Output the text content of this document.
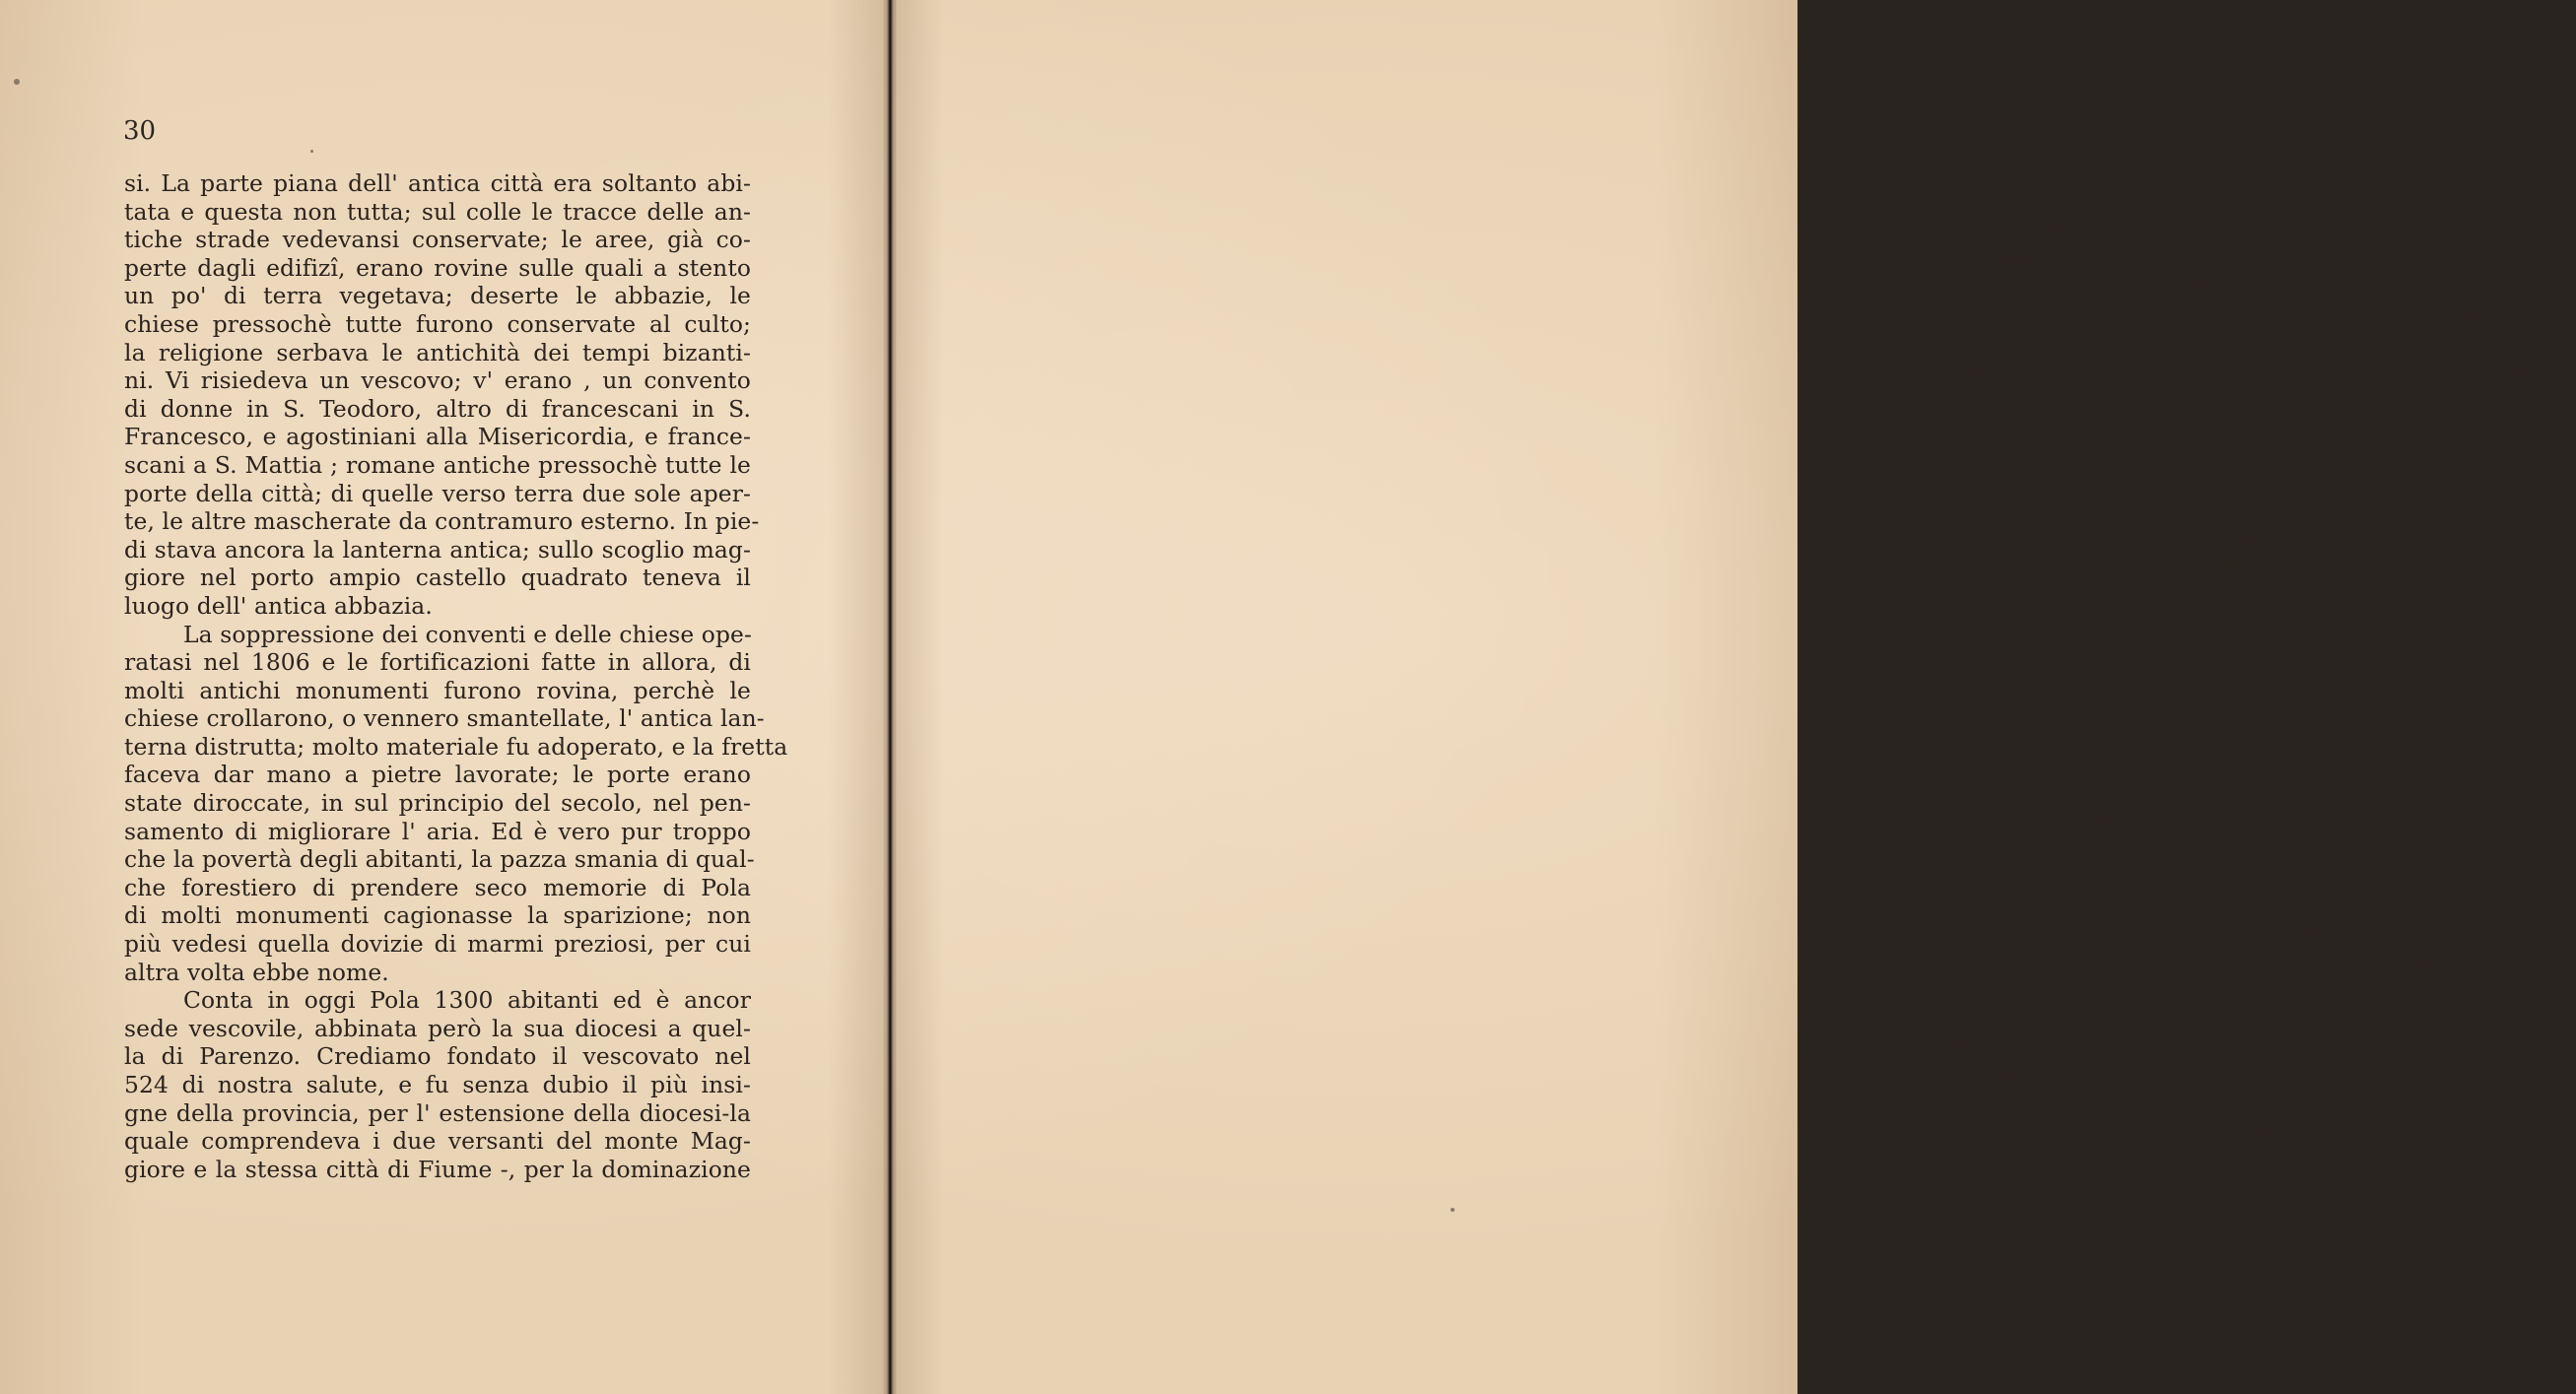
30
si. La parte piana dell' antica città era soltanto abi-
tata e questa non tutta; sul colle le tracce delle an-
tiche strade vedevansi conservate; le aree, già co-
perte dagli edifizî, erano rovine sulle quali a stento
un po' di terra vegetava; deserte le abbazie, le
chiese pressochè tutte furono conservate al culto;
la religione serbava le antichità dei tempi bizanti-
ni. Vi risiedeva un vescovo; v' erano , un convento
di donne in S. Teodoro, altro di francescani in S.
Francesco, e agostiniani alla Misericordia, e france-
scani a S. Mattia ; romane antiche pressochè tutte le
porte della città; di quelle verso terra due sole aper-
te, le altre mascherate da contramuro esterno. In pie-
di stava ancora la lanterna antica; sullo scoglio mag-
giore nel porto ampio castello quadrato teneva il
luogo dell' antica abbazia.
La soppressione dei conventi e delle chiese ope-
ratasi nel 1806 e le fortificazioni fatte in allora, di
molti antichi monumenti furono rovina, perchè le
chiese crollarono, o vennero smantellate, l' antica lan-
terna distrutta; molto materiale fu adoperato, e la fretta
faceva dar mano a pietre lavorate; le porte erano
state diroccate, in sul principio del secolo, nel pen-
samento di migliorare l' aria. Ed è vero pur troppo
che la povertà degli abitanti, la pazza smania di qual-
che forestiero di prendere seco memorie di Pola
di molti monumenti cagionasse la sparizione; non
più vedesi quella dovizie di marmi preziosi, per cui
altra volta ebbe nome.
Conta in oggi Pola 1300 abitanti ed è ancor
sede vescovile, abbinata però la sua diocesi a quel-
la di Parenzo. Crediamo fondato il vescovato nel
524 di nostra salute, e fu senza dubio il più insi-
gne della provincia, per l' estensione della diocesi-la
quale comprendeva i due versanti del monte Mag-
giore e la stessa città di Fiume -, per la dominazione
31
temporale ch' esercitava su gran parte di quella,
per la qualità delle abbazie e dei capitoli, per la co-
pia del clero, per la sontuosità degli edifizî sacri.
Allorquando nei tempi addietro nuovo vescovo pren-
deva possesso della sede, la città di Fiume mandava
in omaggio un cavallo, uno smeriglione, due cani bian-
chi ; Castua in occasione di visita offriva ottanta braccia
di tela, sessanta Moschenizze. Nel secolo XIII, quan-
do Pola ancor tenevasi città di qualche conto, il
suo vescovo circondavano l' opulente abbate di S.
Maria e di S. Andrea dell' ordine cassinense, quel-
lo di San Michele dell' ordine camaldolense, quello
dell' isola dei Brioni, il commendatore dei templari,
l' abbate di Barbana, l' abbate di S. Giacomo di Ro-
sacis, e tanti altri di cui perfino il nome oggidì igno-
rasi. Aveva il prelato numerosa corte di vassalli, che
a lui giuravano fedeltà, tra questi li stessi Sergî, si-
gnorotti di Pola; non meno di undici capitoli, nu-
merava l' episcopato; frequentissime le arcipreture ed
i conventi semplici di uomini e di donne ; ricco il
patrimonio della chiesa. Corre voce, che il vescovato
di Pola fosse dato suffraganeo non sapressimo dire
in qual tempo, all' arcivescovo di Ravenna e che ap-
pena nel 1028 ritornasse al naturale metropolita, al
patriarca di Aquileia. Fu intorno la metà del secolo
decorso sottoposto all' arcivescovato di Udine, in tempi
recenti al patriarca di Venezia, nei recentissimi al-
l' arcivescovo di Gorizia. Nello smembramento della
diocesi, avvenuto nel 1790, venti parochie furono
tolte alla diocesi di Pola, e date a Trieste.
Pola è residenza di commissariato, presidio mi-
litare. L' agro suo non ha l' estensione che l' antico
aveva, ma di questo conserva ancora la feracità, bi-
sognoso di braccia a trarne utile maggiore.
La città di Pola comunque posta alla latitudine
di 44° 52′ 16″ (campanile di S. Francesco, la longi-
